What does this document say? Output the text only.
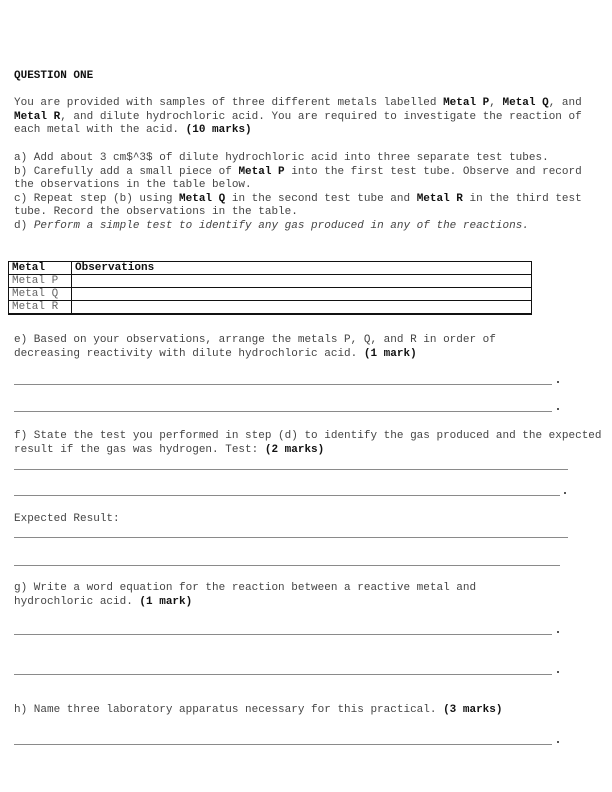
QUESTION ONE
You are provided with samples of three different metals labelled Metal P, Metal Q, and Metal R, and dilute hydrochloric acid. You are required to investigate the reaction of each metal with the acid. (10 marks)
a) Add about 3 cm$^3$ of dilute hydrochloric acid into three separate test tubes.
b) Carefully add a small piece of Metal P into the first test tube. Observe and record the observations in the table below.
c) Repeat step (b) using Metal Q in the second test tube and Metal R in the third test tube. Record the observations in the table.
d) Perform a simple test to identify any gas produced in any of the reactions.
Metal	Observations
Metal P	
Metal Q	
Metal R	
e) Based on your observations, arrange the metals P, Q, and R in order of decreasing reactivity with dilute hydrochloric acid. (1 mark)
f) State the test you performed in step (d) to identify the gas produced and the expected result if the gas was hydrogen. Test: (2 marks)
Expected Result:
g) Write a word equation for the reaction between a reactive metal and hydrochloric acid. (1 mark)
h) Name three laboratory apparatus necessary for this practical. (3 marks)
